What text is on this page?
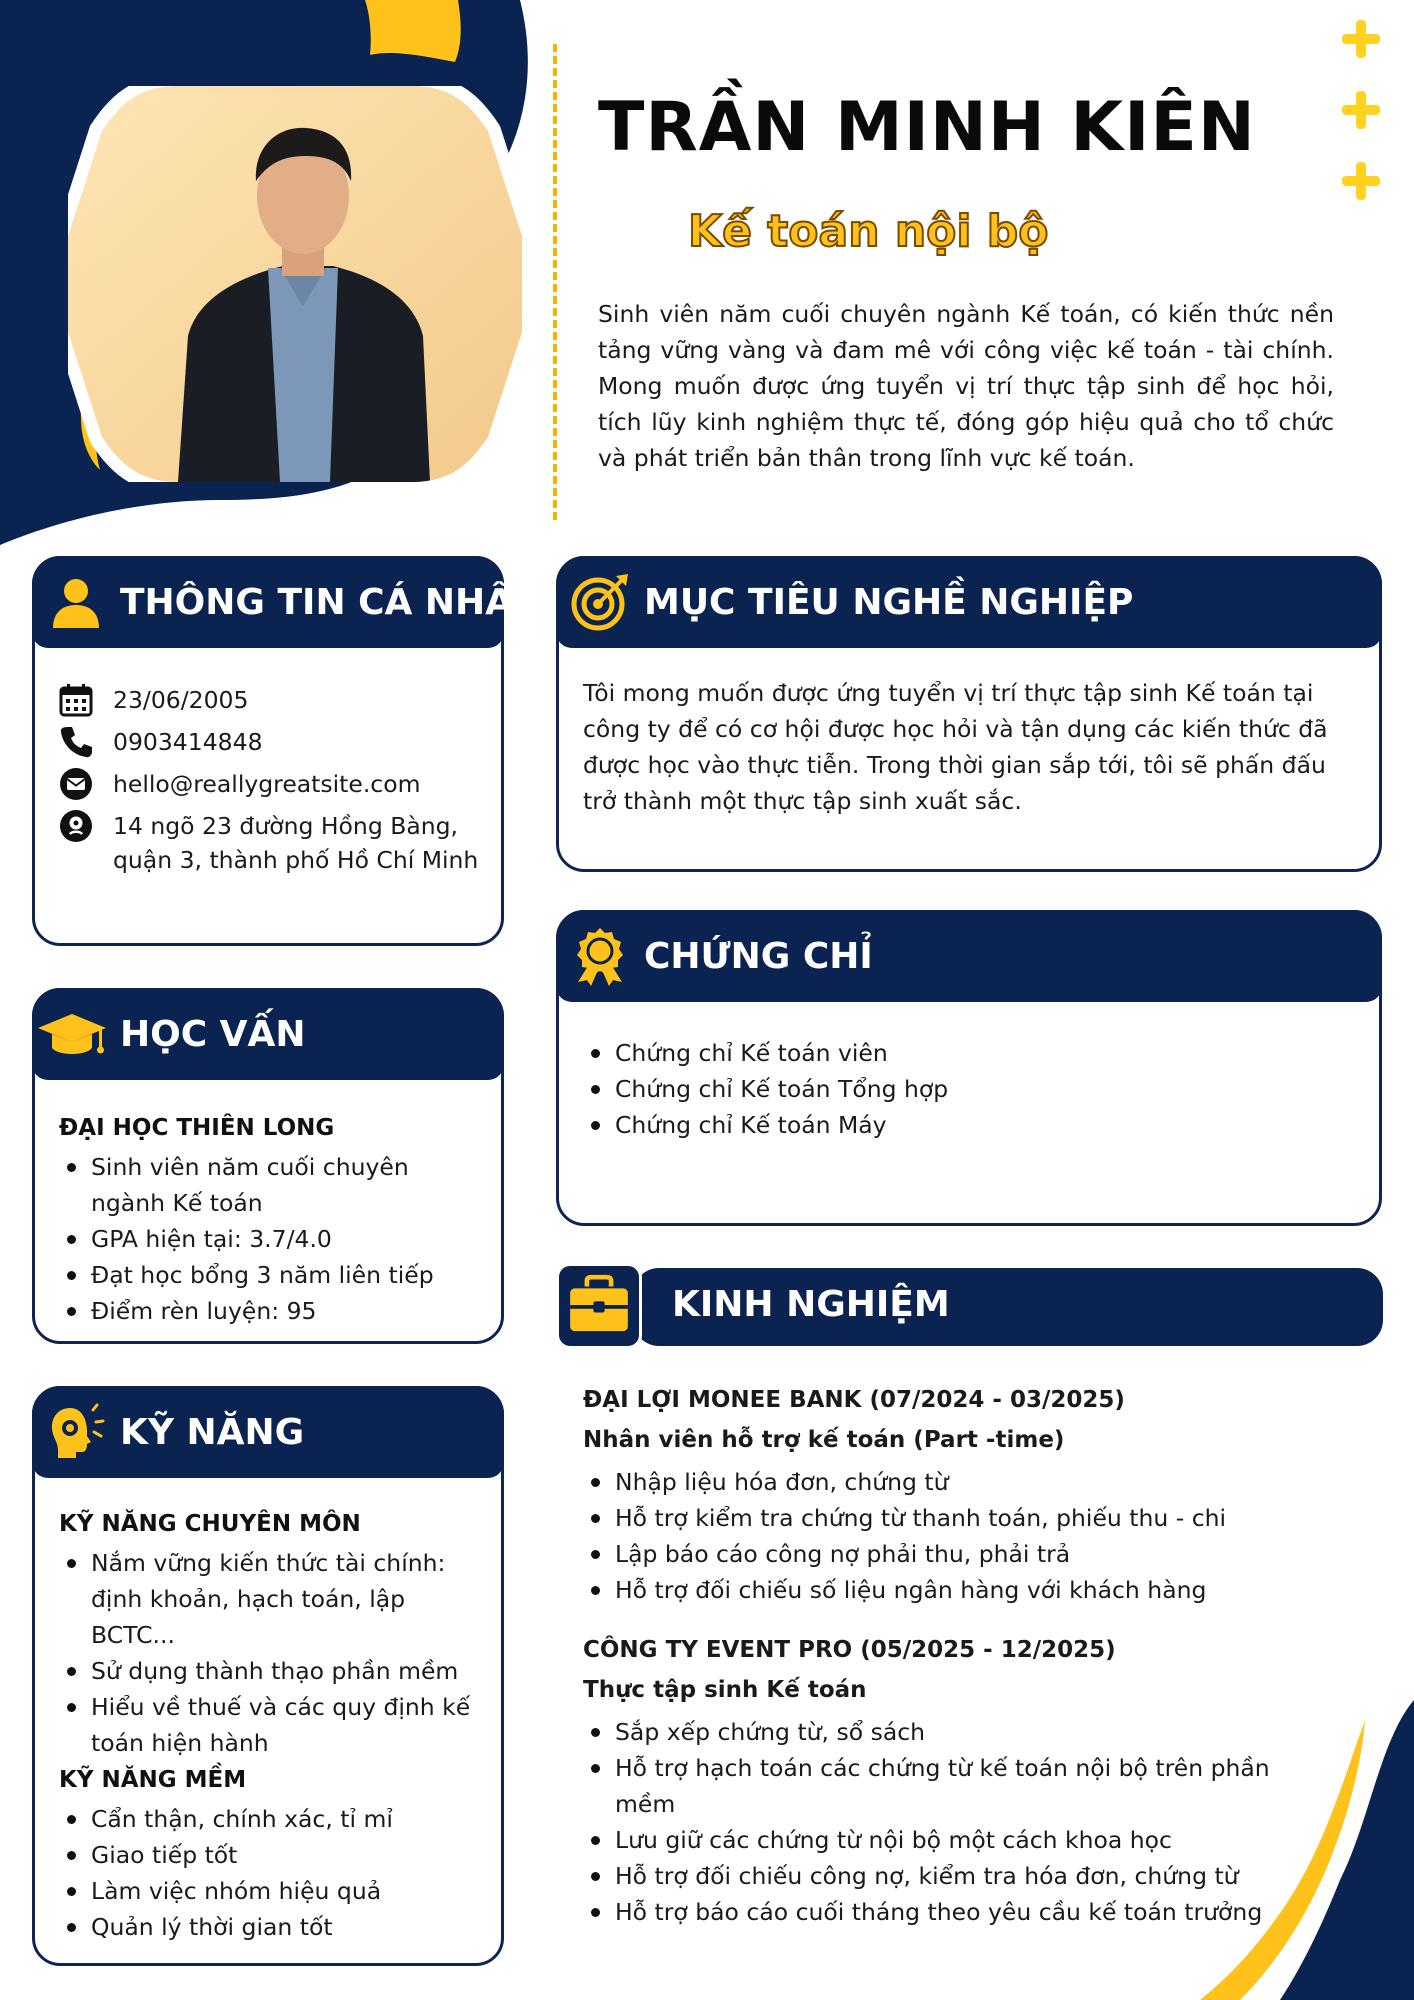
TRẦN MINH KIÊN
Kế toán nội bộ
Sinh viên năm cuối chuyên ngành Kế toán, có kiến thức nền tảng vững vàng và đam mê với công việc kế toán - tài chính. Mong muốn được ứng tuyển vị trí thực tập sinh để học hỏi, tích lũy kinh nghiệm thực tế, đóng góp hiệu quả cho tổ chức và phát triển bản thân trong lĩnh vực kế toán.
THÔNG TIN CÁ NHÂN
23/06/2005
0903414848
hello@reallygreatsite.com
14 ngõ 23 đường Hồng Bàng, quận 3, thành phố Hồ Chí Minh
HỌC VẤN
ĐẠI HỌC THIÊN LONG
Sinh viên năm cuối chuyên ngành Kế toán
GPA hiện tại: 3.7/4.0
Đạt học bổng 3 năm liên tiếp
Điểm rèn luyện: 95
KỸ NĂNG
KỸ NĂNG CHUYÊN MÔN
Nắm vững kiến thức tài chính: định khoản, hạch toán, lập BCTC...
Sử dụng thành thạo phần mềm
Hiểu về thuế và các quy định kế toán hiện hành
KỸ NĂNG MỀM
Cẩn thận, chính xác, tỉ mỉ
Giao tiếp tốt
Làm việc nhóm hiệu quả
Quản lý thời gian tốt
MỤC TIÊU NGHỀ NGHIỆP
Tôi mong muốn được ứng tuyển vị trí thực tập sinh Kế toán tại công ty để có cơ hội được học hỏi và tận dụng các kiến thức đã được học vào thực tiễn. Trong thời gian sắp tới, tôi sẽ phấn đấu trở thành một thực tập sinh xuất sắc.
CHỨNG CHỈ
Chứng chỉ Kế toán viên
Chứng chỉ Kế toán Tổng hợp
Chứng chỉ Kế toán Máy
KINH NGHIỆM
ĐẠI LỢI MONEE BANK (07/2024 - 03/2025)
Nhân viên hỗ trợ kế toán (Part -time)
Nhập liệu hóa đơn, chứng từ
Hỗ trợ kiểm tra chứng từ thanh toán, phiếu thu - chi
Lập báo cáo công nợ phải thu, phải trả
Hỗ trợ đối chiếu số liệu ngân hàng với khách hàng
CÔNG TY EVENT PRO (05/2025 - 12/2025)
Thực tập sinh Kế toán
Sắp xếp chứng từ, sổ sách
Hỗ trợ hạch toán các chứng từ kế toán nội bộ trên phần mềm
Lưu giữ các chứng từ nội bộ một cách khoa học
Hỗ trợ đối chiếu công nợ, kiểm tra hóa đơn, chứng từ
Hỗ trợ báo cáo cuối tháng theo yêu cầu kế toán trưởng
